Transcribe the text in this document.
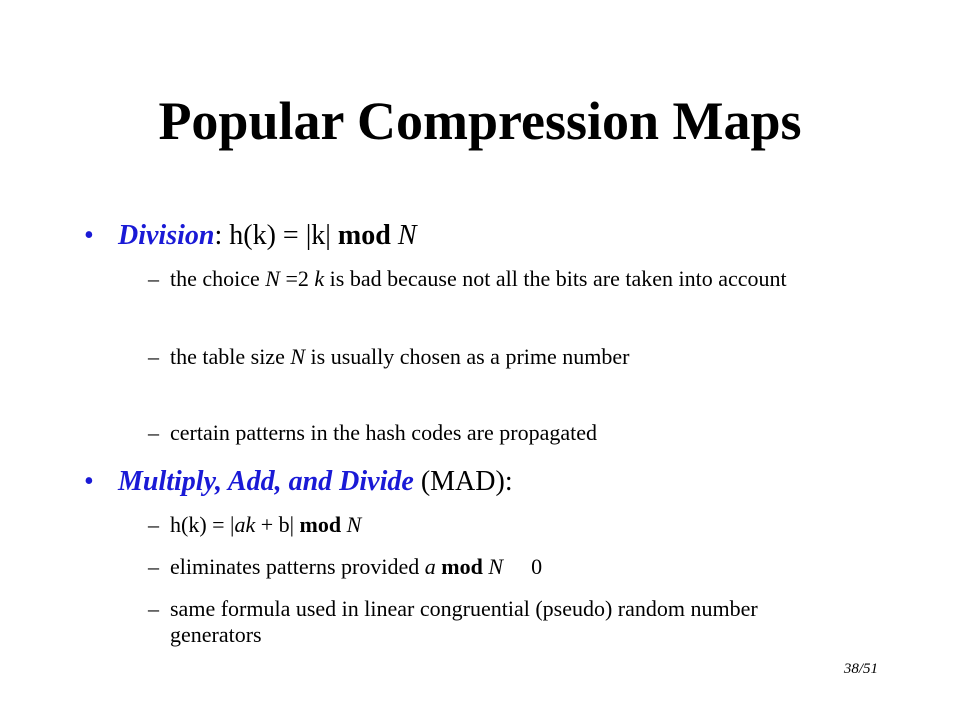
Popular Compression Maps
• Division: h(k) = |k| mod N
– the choice N =2 k is bad because not all the bits are taken into account
– the table size N is usually chosen as a prime number
– certain patterns in the hash codes are propagated
• Multiply, Add, and Divide (MAD):
– h(k) = |ak + b| mod N
– eliminates patterns provided a mod N   0
– same formula used in linear congruential (pseudo) random number generators
38/51
